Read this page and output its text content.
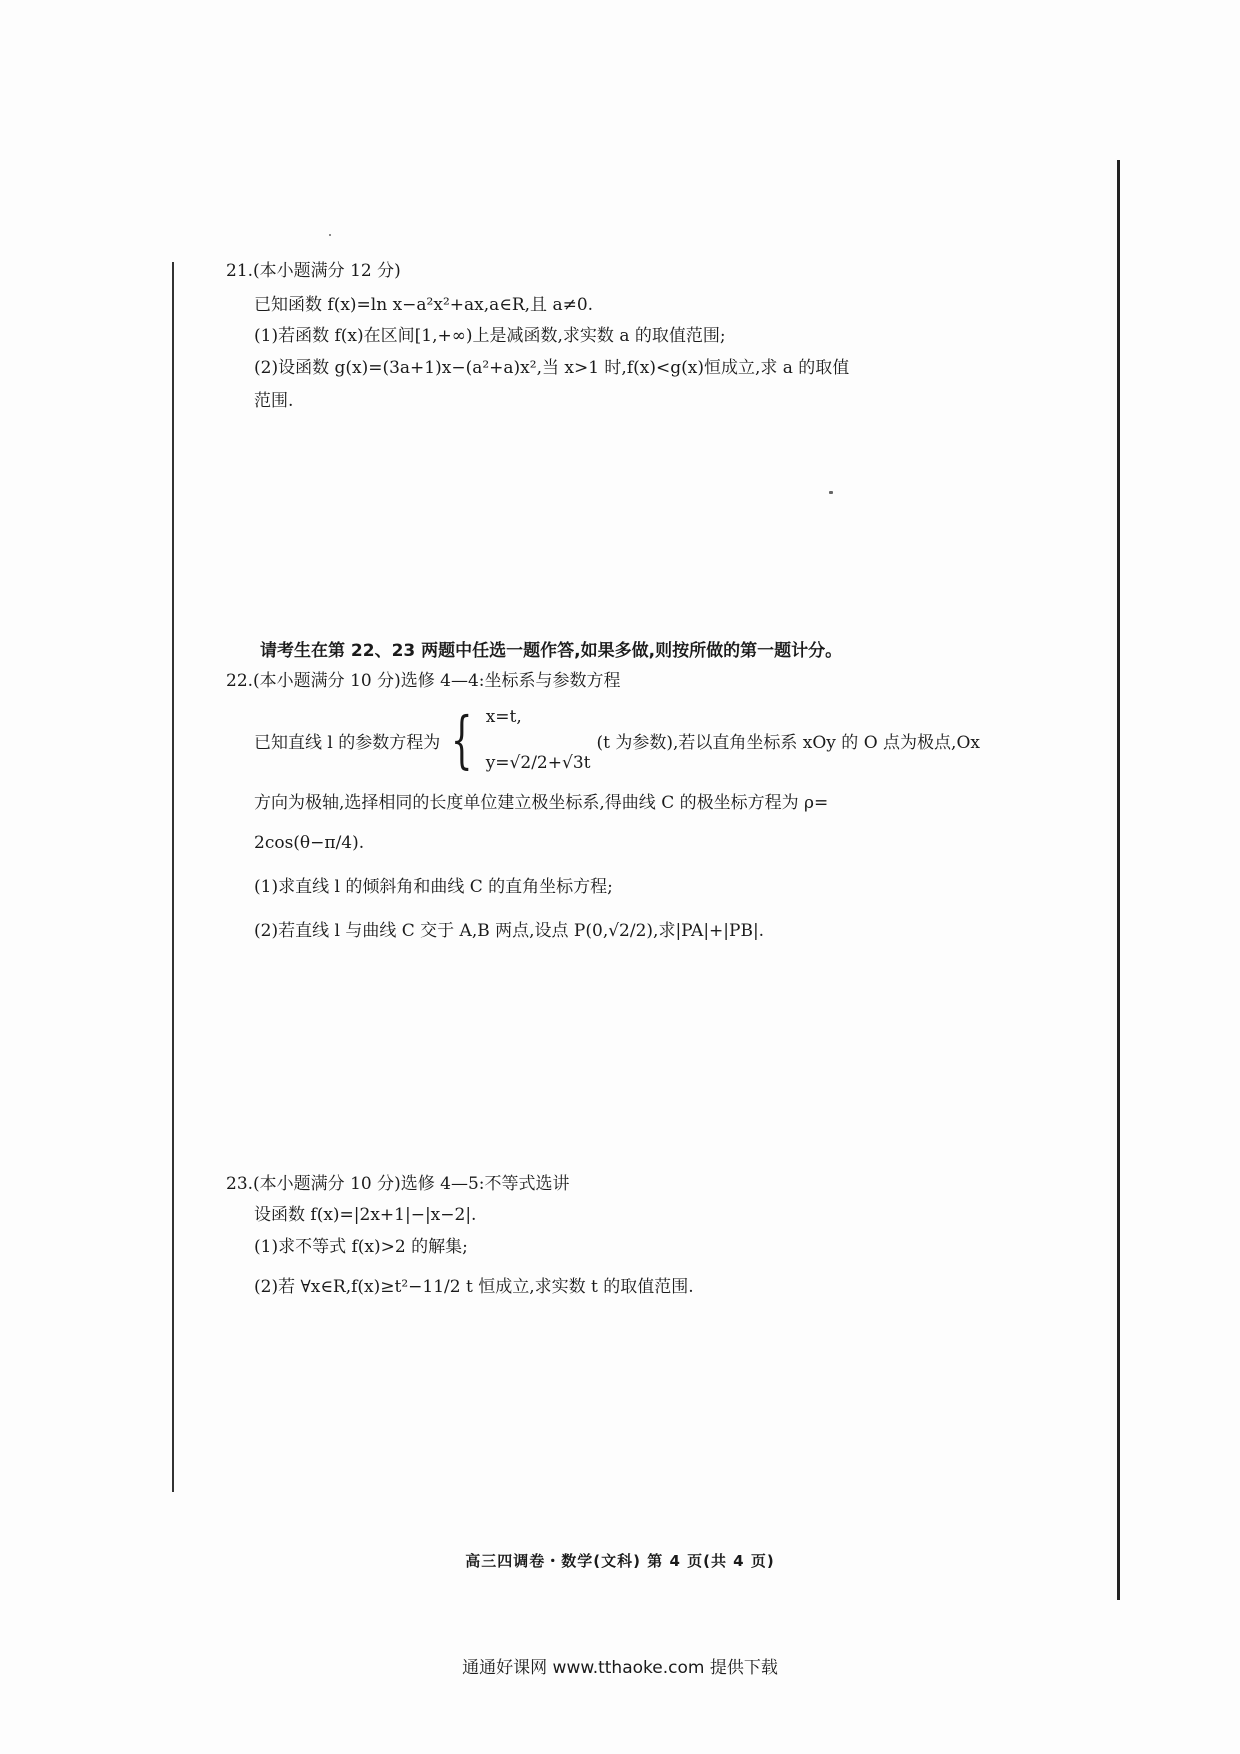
21.(本小题满分 12 分)
已知函数 f(x)=ln x−a²x²+ax,a∈R,且 a≠0.
(1)若函数 f(x)在区间[1,+∞)上是减函数,求实数 a 的取值范围;
(2)设函数 g(x)=(3a+1)x−(a²+a)x²,当 x>1 时,f(x)<g(x)恒成立,求 a 的取值
范围.
请考生在第 22、23 两题中任选一题作答,如果多做,则按所做的第一题计分。
22.(本小题满分 10 分)选修 4—4:坐标系与参数方程
已知直线 l 的参数方程为 { x=t,
y=√2/2+√3t
(t 为参数),若以直角坐标系 xOy 的 O 点为极点,Ox
方向为极轴,选择相同的长度单位建立极坐标系,得曲线 C 的极坐标方程为 ρ=
2cos(θ−π/4).
(1)求直线 l 的倾斜角和曲线 C 的直角坐标方程;
(2)若直线 l 与曲线 C 交于 A,B 两点,设点 P(0,√2/2),求|PA|+|PB|.
23.(本小题满分 10 分)选修 4—5:不等式选讲
设函数 f(x)=|2x+1|−|x−2|.
(1)求不等式 f(x)>2 的解集;
(2)若 ∀x∈R,f(x)≥t²−11/2 t 恒成立,求实数 t 的取值范围.
高三四调卷・数学(文科) 第 4 页(共 4 页)
通通好课网 www.tthaoke.com 提供下载
